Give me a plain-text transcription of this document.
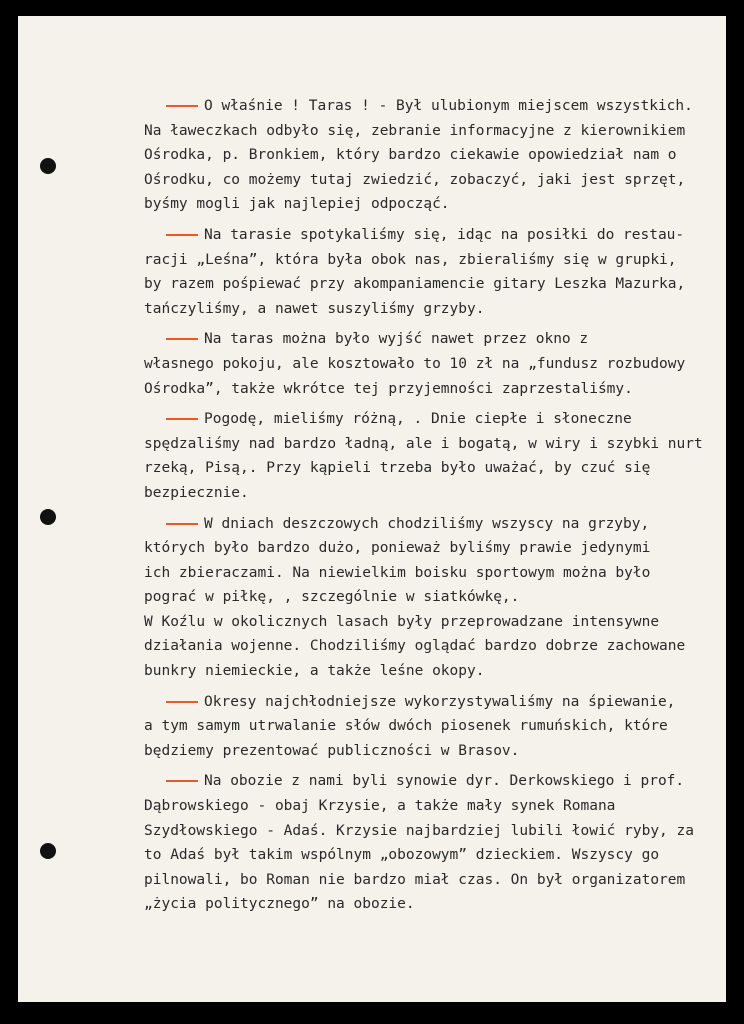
O właśnie ! Taras ! - Był ulubionym miejscem wszystkich.
Na ławeczkach odbyło się, zebranie informacyjne z kierownikiem
Ośrodka, p. Bronkiem, który bardzo ciekawie opowiedział nam o
Ośrodku, co możemy tutaj zwiedzić, zobaczyć, jaki jest sprzęt,
byśmy mogli jak najlepiej odpocząć.
Na tarasie spotykaliśmy się, idąc na posiłki do restau-
racji „Leśna”, która była obok nas, zbieraliśmy się w grupki,
by razem pośpiewać przy akompaniamencie gitary Leszka Mazurka,
tańczyliśmy, a nawet suszyliśmy grzyby.
Na taras można było wyjść nawet przez okno z
własnego pokoju, ale kosztowało to 10 zł na „fundusz rozbudowy
Ośrodka”, także wkrótce tej przyjemności zaprzestaliśmy.
Pogodę, mieliśmy różną, . Dnie ciepłe i słoneczne
spędzaliśmy nad bardzo ładną, ale i bogatą, w wiry i szybki nurt
rzeką, Pisą,. Przy kąpieli trzeba było uważać, by czuć się
bezpiecznie.
W dniach deszczowych chodziliśmy wszyscy na grzyby,
których było bardzo dużo, ponieważ byliśmy prawie jedynymi
ich zbieraczami. Na niewielkim boisku sportowym można było
pograć w piłkę, , szczególnie w siatkówkę,.
W Koźlu w okolicznych lasach były przeprowadzane intensywne
działania wojenne. Chodziliśmy oglądać bardzo dobrze zachowane
bunkry niemieckie, a także leśne okopy.
Okresy najchłodniejsze wykorzystywaliśmy na śpiewanie,
a tym samym utrwalanie słów dwóch piosenek rumuńskich, które
będziemy prezentować publiczności w Brasov.
Na obozie z nami byli synowie dyr. Derkowskiego i prof.
Dąbrowskiego - obaj Krzysie, a także mały synek Romana
Szydłowskiego - Adaś. Krzysie najbardziej lubili łowić ryby, za
to Adaś był takim wspólnym „obozowym” dzieckiem. Wszyscy go
pilnowali, bo Roman nie bardzo miał czas. On był organizatorem
„życia politycznego” na obozie.
